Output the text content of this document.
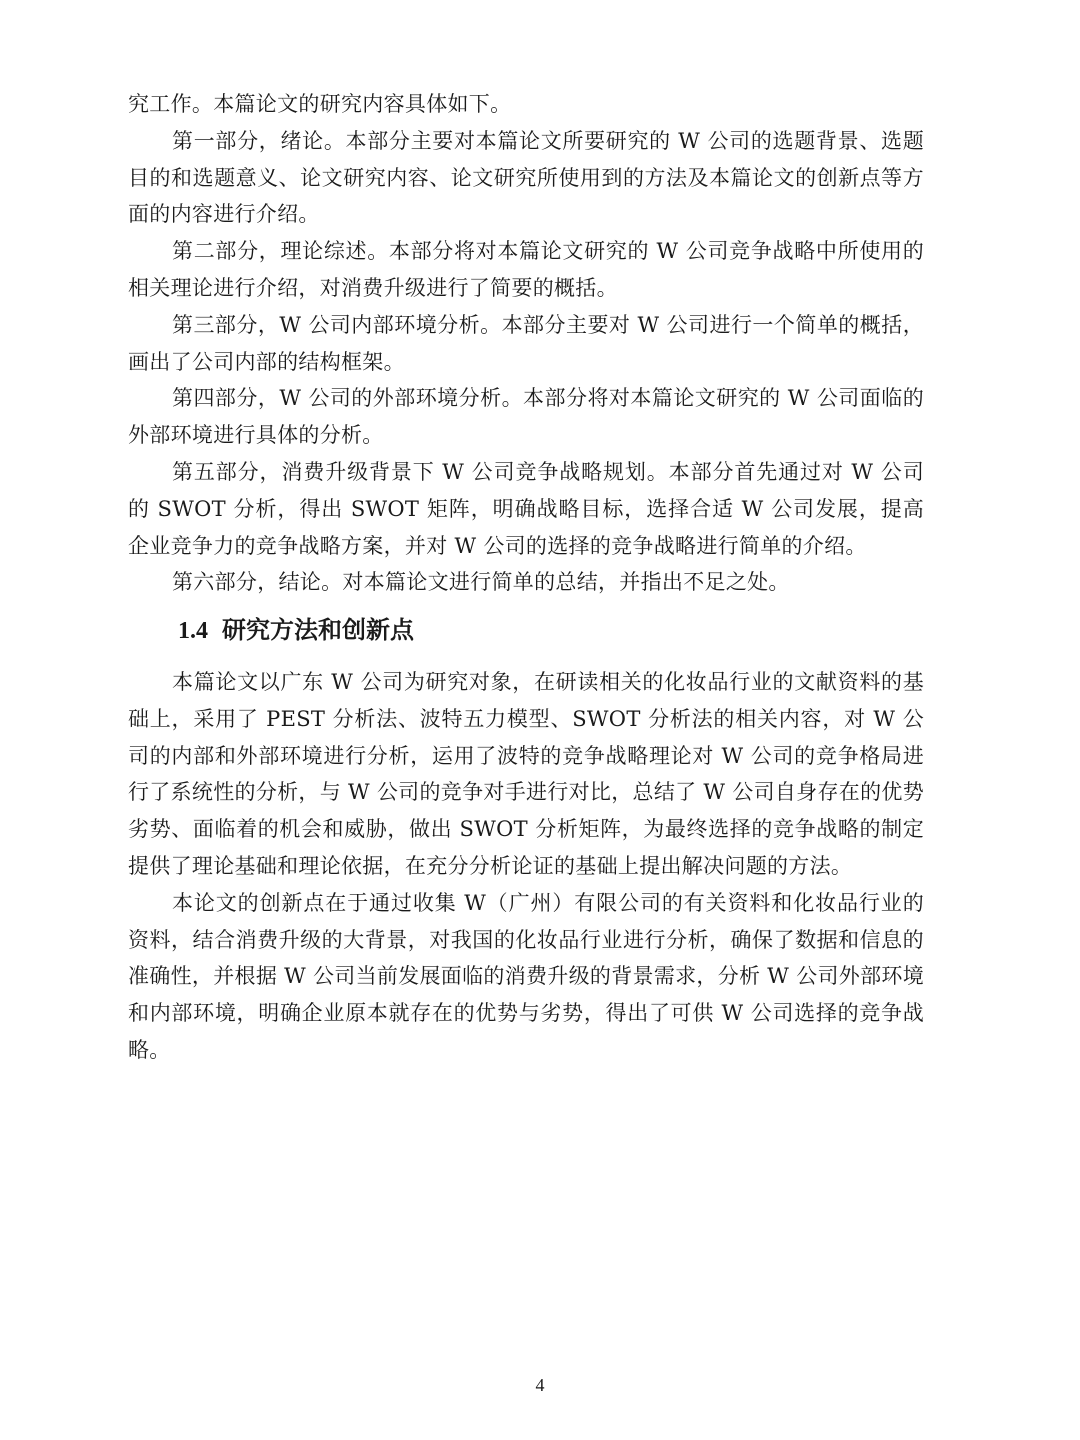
究工作。本篇论文的研究内容具体如下。

第一部分，绪论。本部分主要对本篇论文所要研究的 W 公司的选题背景、选题目的和选题意义、论文研究内容、论文研究所使用到的方法及本篇论文的创新点等方面的内容进行介绍。

第二部分，理论综述。本部分将对本篇论文研究的 W 公司竞争战略中所使用的相关理论进行介绍，对消费升级进行了简要的概括。

第三部分，W 公司内部环境分析。本部分主要对 W 公司进行一个简单的概括，画出了公司内部的结构框架。

第四部分，W 公司的外部环境分析。本部分将对本篇论文研究的 W 公司面临的外部环境进行具体的分析。

第五部分，消费升级背景下 W 公司竞争战略规划。本部分首先通过对 W 公司的 SWOT 分析，得出 SWOT 矩阵，明确战略目标，选择合适 W 公司发展，提高企业竞争力的竞争战略方案，并对 W 公司的选择的竞争战略进行简单的介绍。

第六部分，结论。对本篇论文进行简单的总结，并指出不足之处。

1.4 研究方法和创新点

本篇论文以广东 W 公司为研究对象，在研读相关的化妆品行业的文献资料的基础上，采用了 PEST 分析法、波特五力模型、SWOT 分析法的相关内容，对 W 公司的内部和外部环境进行分析，运用了波特的竞争战略理论对 W 公司的竞争格局进行了系统性的分析，与 W 公司的竞争对手进行对比，总结了 W 公司自身存在的优势劣势、面临着的机会和威胁，做出 SWOT 分析矩阵，为最终选择的竞争战略的制定提供了理论基础和理论依据，在充分分析论证的基础上提出解决问题的方法。

本论文的创新点在于通过收集 W（广州）有限公司的有关资料和化妆品行业的资料，结合消费升级的大背景，对我国的化妆品行业进行分析，确保了数据和信息的准确性，并根据 W 公司当前发展面临的消费升级的背景需求，分析 W 公司外部环境和内部环境，明确企业原本就存在的优势与劣势，得出了可供 W 公司选择的竞争战略。

4
